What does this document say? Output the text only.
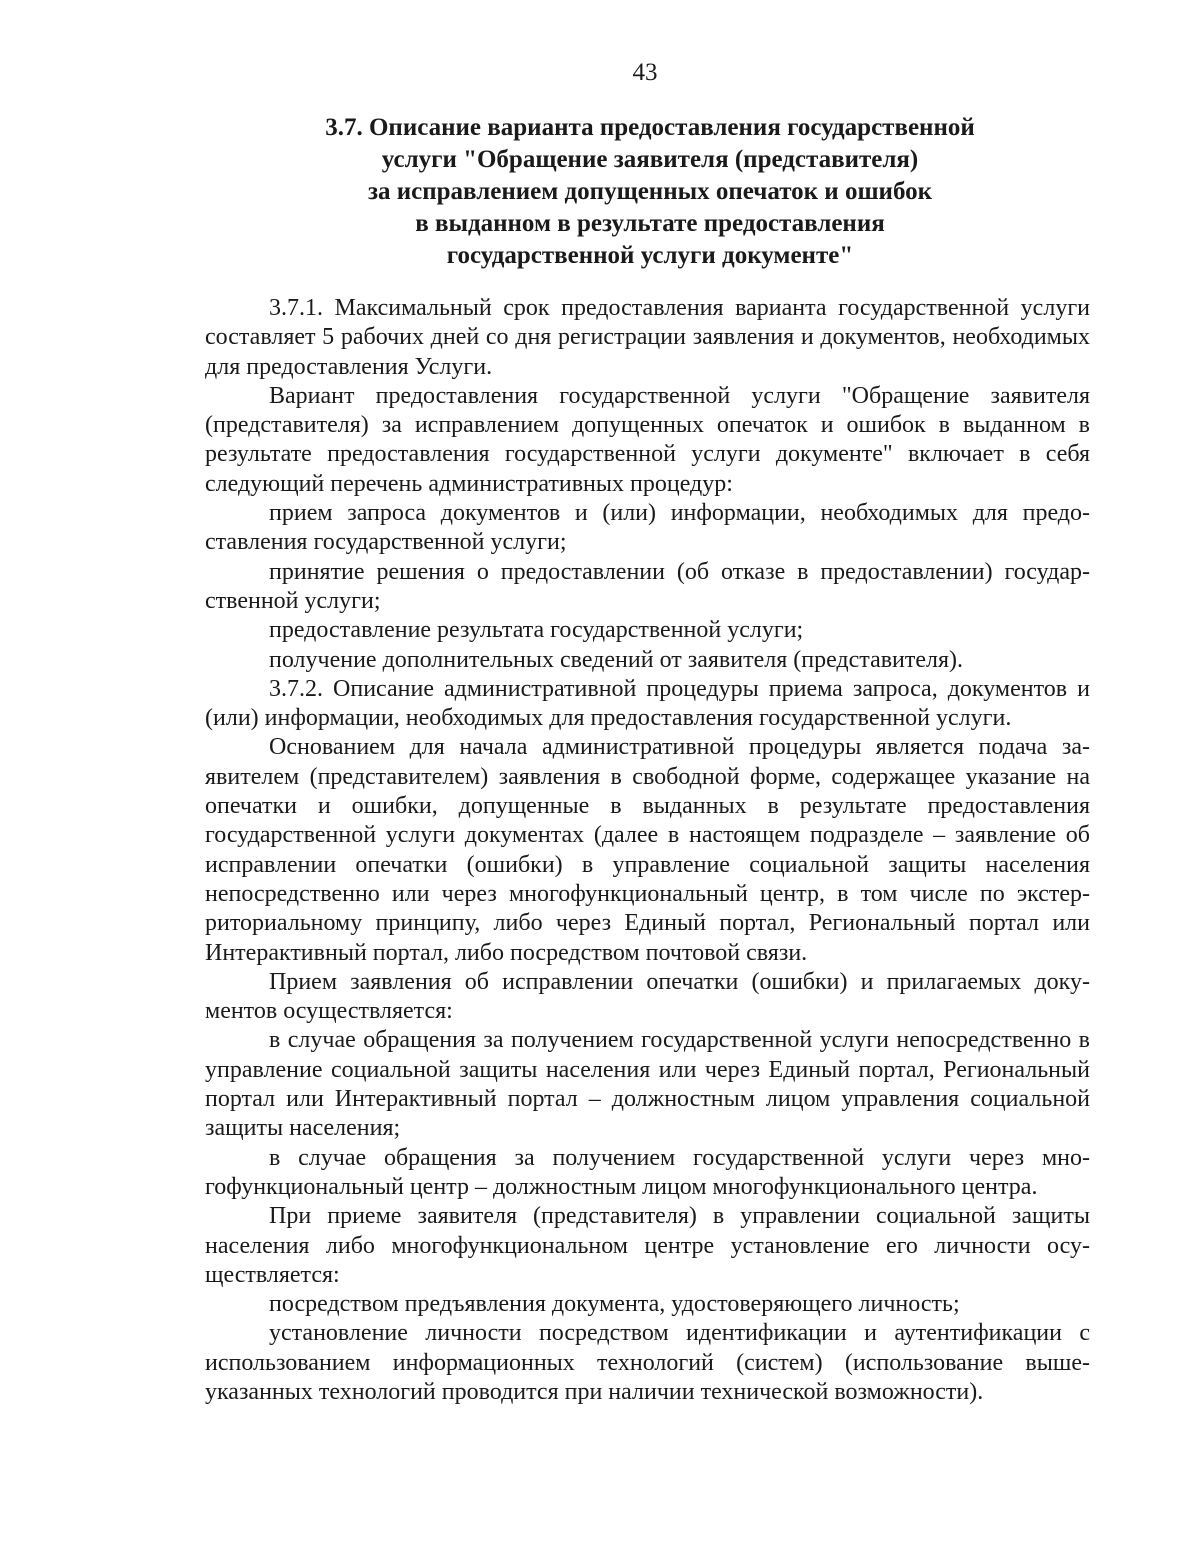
43
3.7. Описание варианта предоставления государственной
услуги "Обращение заявителя (представителя)
за исправлением допущенных опечаток и ошибок
в выданном в результате предоставления
государственной услуги документе"

3.7.1. Максимальный срок предоставления варианта государственной услуги составляет 5 рабочих дней со дня регистрации заявления и документов, необходимых для предоставления Услуги.

Вариант предоставления государственной услуги "Обращение заявителя (представителя) за исправлением допущенных опечаток и ошибок в выданном в результате предоставления государственной услуги документе" включает в себя следующий перечень административных процедур:

прием запроса документов и (или) информации, необходимых для предоставления государственной услуги;

принятие решения о предоставлении (об отказе в предоставлении) государственной услуги;

предоставление результата государственной услуги;

получение дополнительных сведений от заявителя (представителя).

3.7.2. Описание административной процедуры приема запроса, документов и (или) информации, необходимых для предоставления государственной услуги.

Основанием для начала административной процедуры является подача заявителем (представителем) заявления в свободной форме, содержащее указание на опечатки и ошибки, допущенные в выданных в результате предоставления государственной услуги документах (далее в настоящем подразделе – заявление об исправлении опечатки (ошибки) в управление социальной защиты населения непосредственно или через многофункциональный центр, в том числе по экстерриториальному принципу, либо через Единый портал, Региональный портал или Интерактивный портал, либо посредством почтовой связи.

Прием заявления об исправлении опечатки (ошибки) и прилагаемых документов осуществляется:

в случае обращения за получением государственной услуги непосредственно в управление социальной защиты населения или через Единый портал, Региональный портал или Интерактивный портал – должностным лицом управления социальной защиты населения;

в случае обращения за получением государственной услуги через многофункциональный центр – должностным лицом многофункционального центра.

При приеме заявителя (представителя) в управлении социальной защиты населения либо многофункциональном центре установление его личности осуществляется:

посредством предъявления документа, удостоверяющего личность;

установление личности посредством идентификации и аутентификации с использованием информационных технологий (систем) (использование вышеуказанных технологий проводится при наличии технической возможности).
